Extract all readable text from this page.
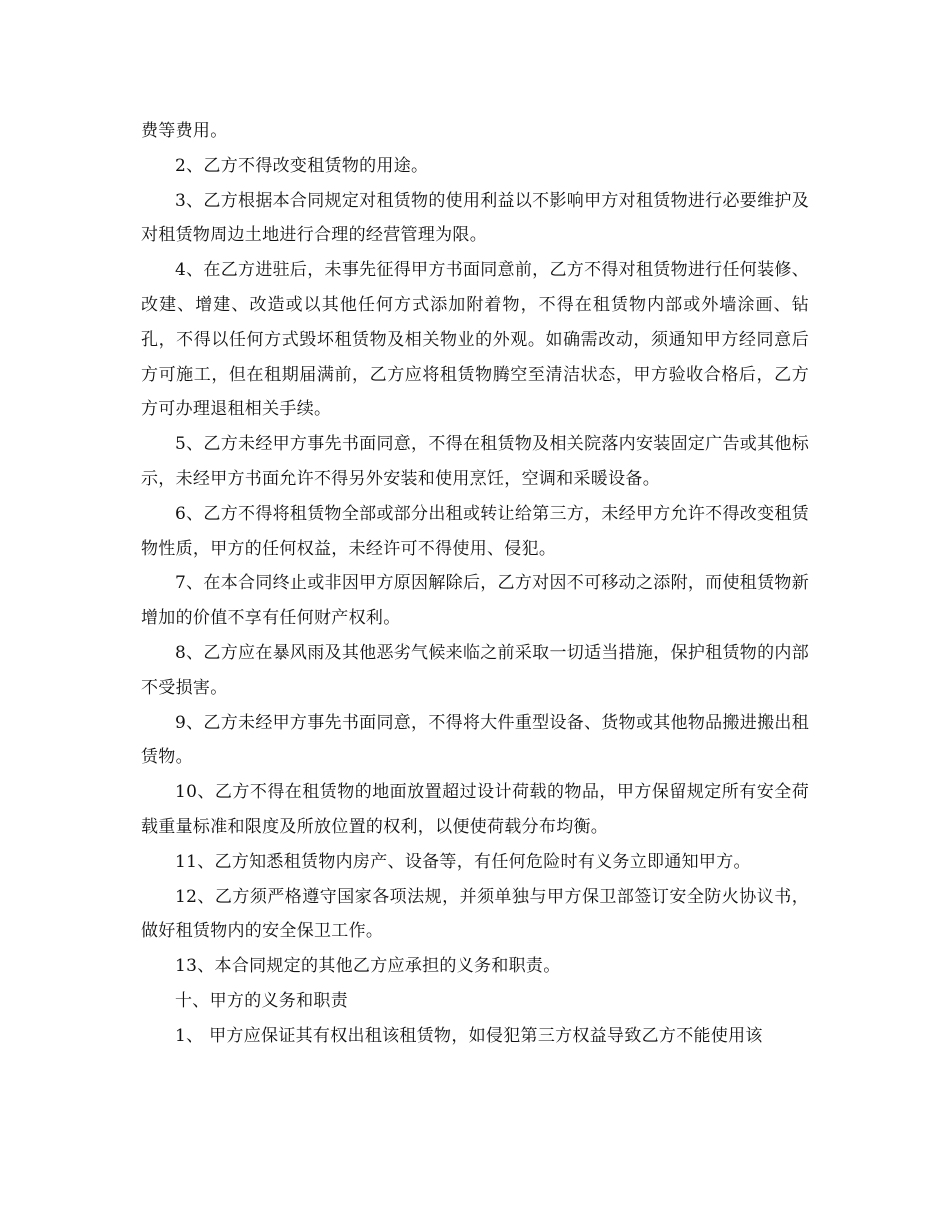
费等费用。

2、乙方不得改变租赁物的用途。

3、乙方根据本合同规定对租赁物的使用利益以不影响甲方对租赁物进行必要维护及对租赁物周边土地进行合理的经营管理为限。

4、在乙方进驻后，未事先征得甲方书面同意前，乙方不得对租赁物进行任何装修、改建、增建、改造或以其他任何方式添加附着物，不得在租赁物内部或外墙涂画、钻孔，不得以任何方式毁坏租赁物及相关物业的外观。如确需改动，须通知甲方经同意后方可施工，但在租期届满前，乙方应将租赁物腾空至清洁状态，甲方验收合格后，乙方方可办理退租相关手续。

5、乙方未经甲方事先书面同意，不得在租赁物及相关院落内安装固定广告或其他标示，未经甲方书面允许不得另外安装和使用烹饪，空调和采暖设备。

6、乙方不得将租赁物全部或部分出租或转让给第三方，未经甲方允许不得改变租赁物性质，甲方的任何权益，未经许可不得使用、侵犯。

7、在本合同终止或非因甲方原因解除后，乙方对因不可移动之添附，而使租赁物新增加的价值不享有任何财产权利。

8、乙方应在暴风雨及其他恶劣气候来临之前采取一切适当措施，保护租赁物的内部不受损害。

9、乙方未经甲方事先书面同意，不得将大件重型设备、货物或其他物品搬进搬出租赁物。

10、乙方不得在租赁物的地面放置超过设计荷载的物品，甲方保留规定所有安全荷载重量标准和限度及所放位置的权利，以便使荷载分布均衡。

11、乙方知悉租赁物内房产、设备等，有任何危险时有义务立即通知甲方。

12、乙方须严格遵守国家各项法规，并须单独与甲方保卫部签订安全防火协议书，做好租赁物内的安全保卫工作。

13、本合同规定的其他乙方应承担的义务和职责。

十、甲方的义务和职责

1、 甲方应保证其有权出租该租赁物，如侵犯第三方权益导致乙方不能使用该
